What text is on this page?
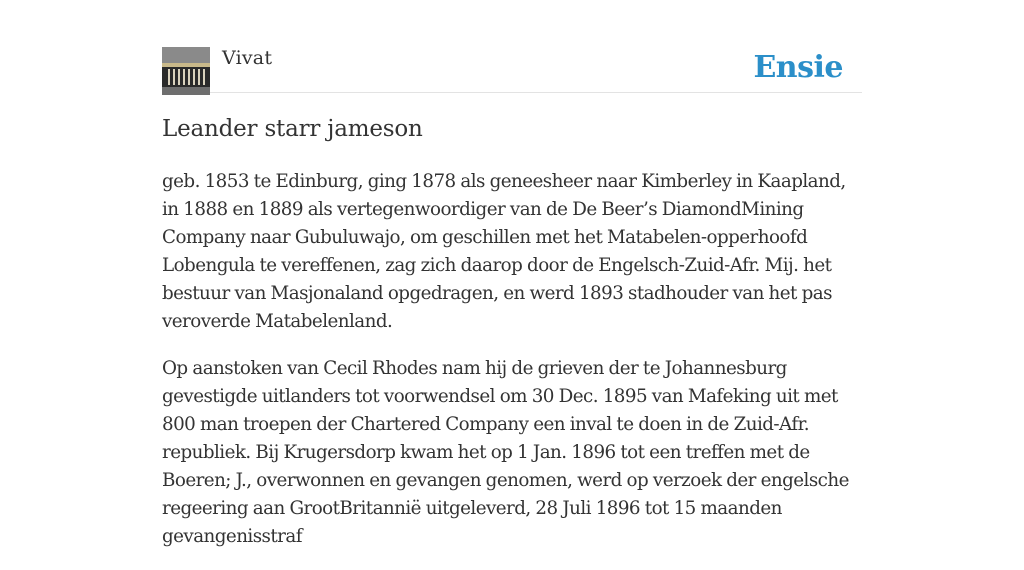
Vivat	Ensie
Leander starr jameson

geb. 1853 te Edinburg, ging 1878 als geneesheer naar Kimberley in Kaapland, in 1888 en 1889 als vertegenwoordiger van de De Beer’s DiamondMining Company naar Gubuluwajo, om geschillen met het Matabelen-opperhoofd Lobengula te vereffenen, zag zich daarop door de Engelsch-Zuid-Afr. Mij. het bestuur van Masjonaland opgedragen, en werd 1893 stadhouder van het pas veroverde Matabelenland.

Op aanstoken van Cecil Rhodes nam hij de grieven der te Johannesburg gevestigde uitlanders tot voorwendsel om 30 Dec. 1895 van Mafeking uit met 800 man troepen der Chartered Company een inval te doen in de Zuid-Afr. republiek. Bij Krugersdorp kwam het op 1 Jan. 1896 tot een treffen met de Boeren; J., overwonnen en gevangen genomen, werd op verzoek der engelsche regeering aan GrootBritannië uitgeleverd, 28 Juli 1896 tot 15 maanden gevangenisstraf
